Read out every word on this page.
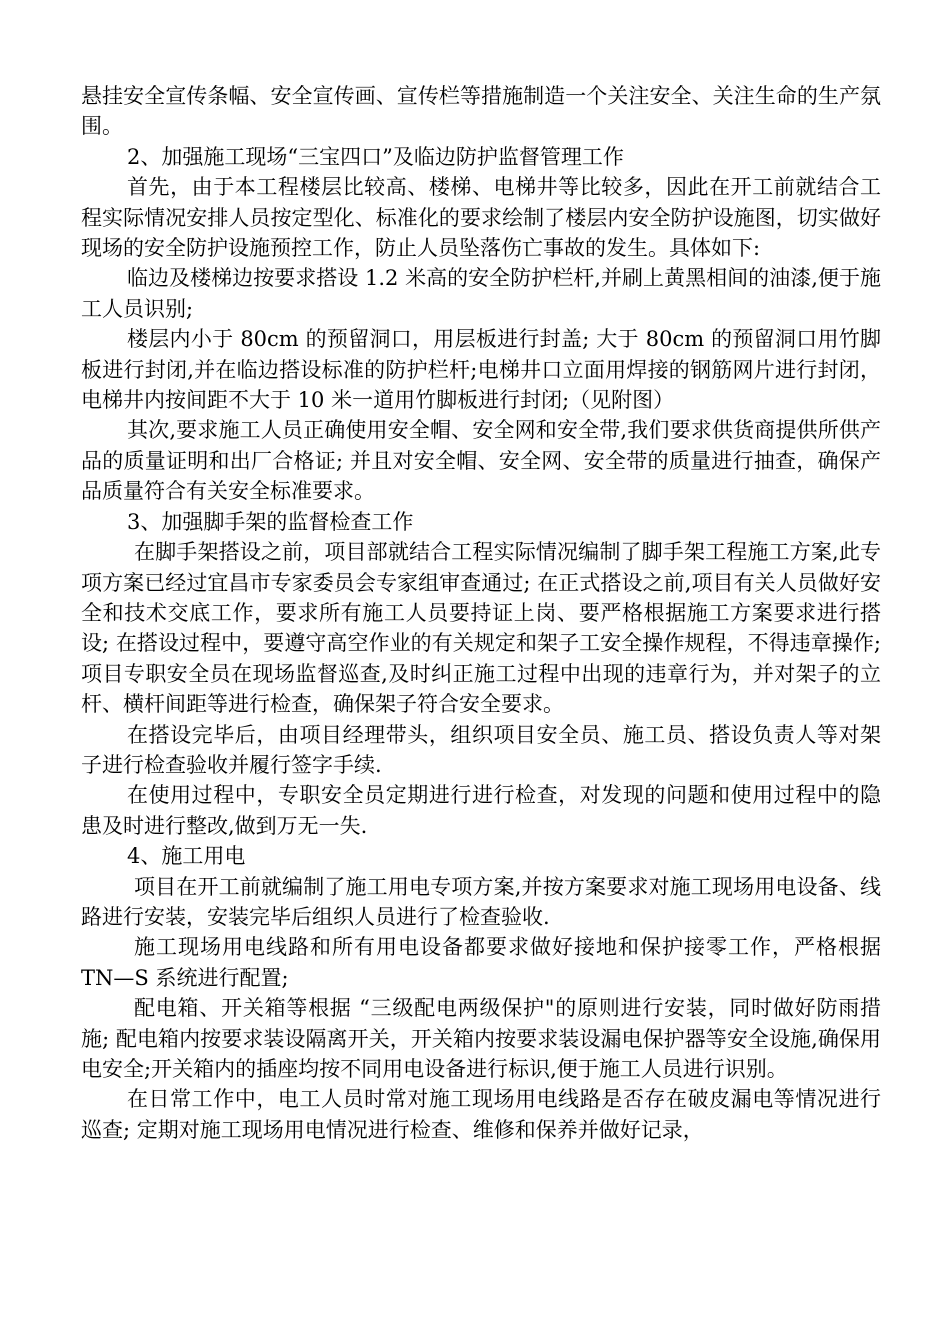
悬挂安全宣传条幅、安全宣传画、宣传栏等措施制造一个关注安全、关注生命的生产氛围。

2、加强施工现场“三宝四口”及临边防护监督管理工作

首先，由于本工程楼层比较高、楼梯、电梯井等比较多，因此在开工前就结合工程实际情况安排人员按定型化、标准化的要求绘制了楼层内安全防护设施图，切实做好现场的安全防护设施预控工作，防止人员坠落伤亡事故的发生。具体如下:

临边及楼梯边按要求搭设 1.2 米高的安全防护栏杆,并刷上黄黑相间的油漆,便于施工人员识别;

楼层内小于 80cm 的预留洞口，用层板进行封盖; 大于 80cm 的预留洞口用竹脚板进行封闭,并在临边搭设标准的防护栏杆;电梯井口立面用焊接的钢筋网片进行封闭，电梯井内按间距不大于 10 米一道用竹脚板进行封闭;（见附图）

其次,要求施工人员正确使用安全帽、安全网和安全带,我们要求供货商提供所供产品的质量证明和出厂合格证; 并且对安全帽、安全网、安全带的质量进行抽查，确保产品质量符合有关安全标准要求。

3、加强脚手架的监督检查工作

在脚手架搭设之前，项目部就结合工程实际情况编制了脚手架工程施工方案,此专项方案已经过宜昌市专家委员会专家组审查通过; 在正式搭设之前,项目有关人员做好安全和技术交底工作，要求所有施工人员要持证上岗、要严格根据施工方案要求进行搭设; 在搭设过程中，要遵守高空作业的有关规定和架子工安全操作规程，不得违章操作; 项目专职安全员在现场监督巡查,及时纠正施工过程中出现的违章行为，并对架子的立杆、横杆间距等进行检查，确保架子符合安全要求。

在搭设完毕后，由项目经理带头，组织项目安全员、施工员、搭设负责人等对架子进行检查验收并履行签字手续.

在使用过程中，专职安全员定期进行进行检查，对发现的问题和使用过程中的隐患及时进行整改,做到万无一失.

4、施工用电

项目在开工前就编制了施工用电专项方案,并按方案要求对施工现场用电设备、线路进行安装，安装完毕后组织人员进行了检查验收.

施工现场用电线路和所有用电设备都要求做好接地和保护接零工作，严格根据 TN—S 系统进行配置;

配电箱、开关箱等根据 “三级配电两级保护"的原则进行安装，同时做好防雨措施; 配电箱内按要求装设隔离开关，开关箱内按要求装设漏电保护器等安全设施,确保用电安全;开关箱内的插座均按不同用电设备进行标识,便于施工人员进行识别。

在日常工作中，电工人员时常对施工现场用电线路是否存在破皮漏电等情况进行巡查; 定期对施工现场用电情况进行检查、维修和保养并做好记录，
